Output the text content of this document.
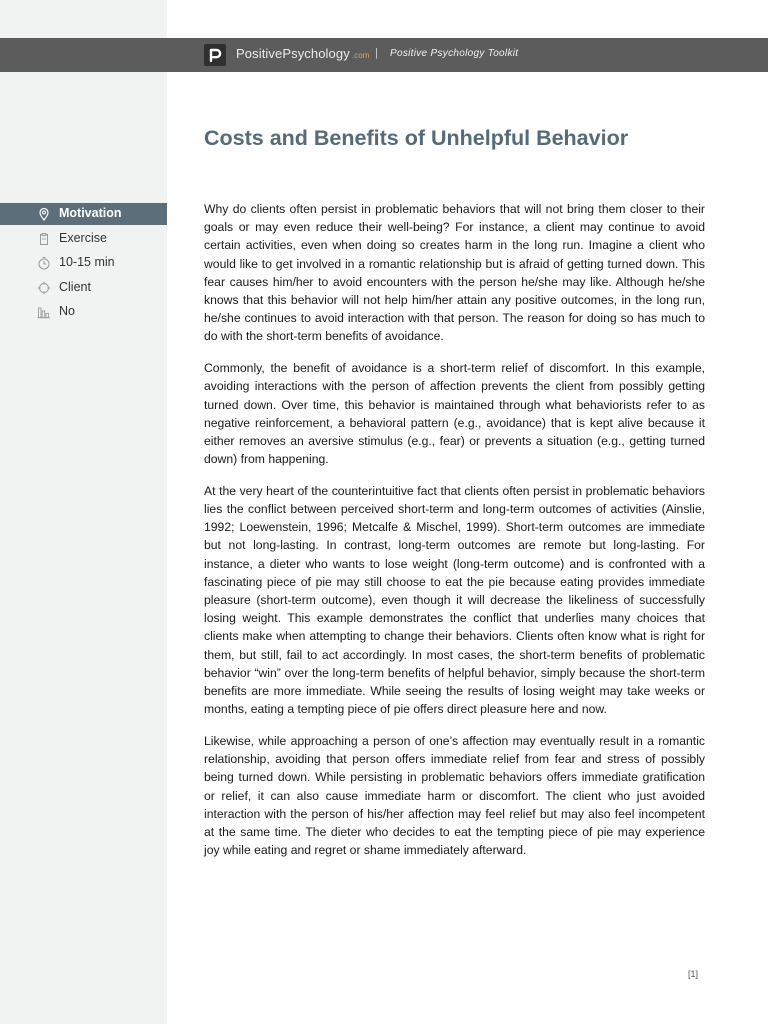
PositivePsychology .com | Positive Psychology Toolkit
Costs and Benefits of Unhelpful Behavior
Motivation
Exercise
10-15 min
Client
No

Why do clients often persist in problematic behaviors that will not bring them closer to their goals or may even reduce their well-being? For instance, a client may continue to avoid certain activities, even when doing so creates harm in the long run. Imagine a client who would like to get involved in a romantic relationship but is afraid of getting turned down. This fear causes him/her to avoid encounters with the person he/she may like. Although he/she knows that this behavior will not help him/her attain any positive outcomes, in the long run, he/she continues to avoid interaction with that person. The reason for doing so has much to do with the short-term benefits of avoidance.

Commonly, the benefit of avoidance is a short-term relief of discomfort. In this example, avoiding interactions with the person of affection prevents the client from possibly getting turned down. Over time, this behavior is maintained through what behaviorists refer to as negative reinforcement, a behavioral pattern (e.g., avoidance) that is kept alive because it either removes an aversive stimulus (e.g., fear) or prevents a situation (e.g., getting turned down) from happening.

At the very heart of the counterintuitive fact that clients often persist in problematic behaviors lies the conflict between perceived short-term and long-term outcomes of activities (Ainslie, 1992; Loewenstein, 1996; Metcalfe & Mischel, 1999). Short-term outcomes are immediate but not long-lasting. In contrast, long-term outcomes are remote but long-lasting. For instance, a dieter who wants to lose weight (long-term outcome) and is confronted with a fascinating piece of pie may still choose to eat the pie because eating provides immediate pleasure (short-term outcome), even though it will decrease the likeliness of successfully losing weight. This example demonstrates the conflict that underlies many choices that clients make when attempting to change their behaviors. Clients often know what is right for them, but still, fail to act accordingly. In most cases, the short-term benefits of problematic behavior “win” over the long-term benefits of helpful behavior, simply because the short-term benefits are more immediate. While seeing the results of losing weight may take weeks or months, eating a tempting piece of pie offers direct pleasure here and now.

Likewise, while approaching a person of one’s affection may eventually result in a romantic relationship, avoiding that person offers immediate relief from fear and stress of possibly being turned down. While persisting in problematic behaviors offers immediate gratification or relief, it can also cause immediate harm or discomfort. The client who just avoided interaction with the person of his/her affection may feel relief but may also feel incompetent at the same time. The dieter who decides to eat the tempting piece of pie may experience joy while eating and regret or shame immediately afterward.

[1]
